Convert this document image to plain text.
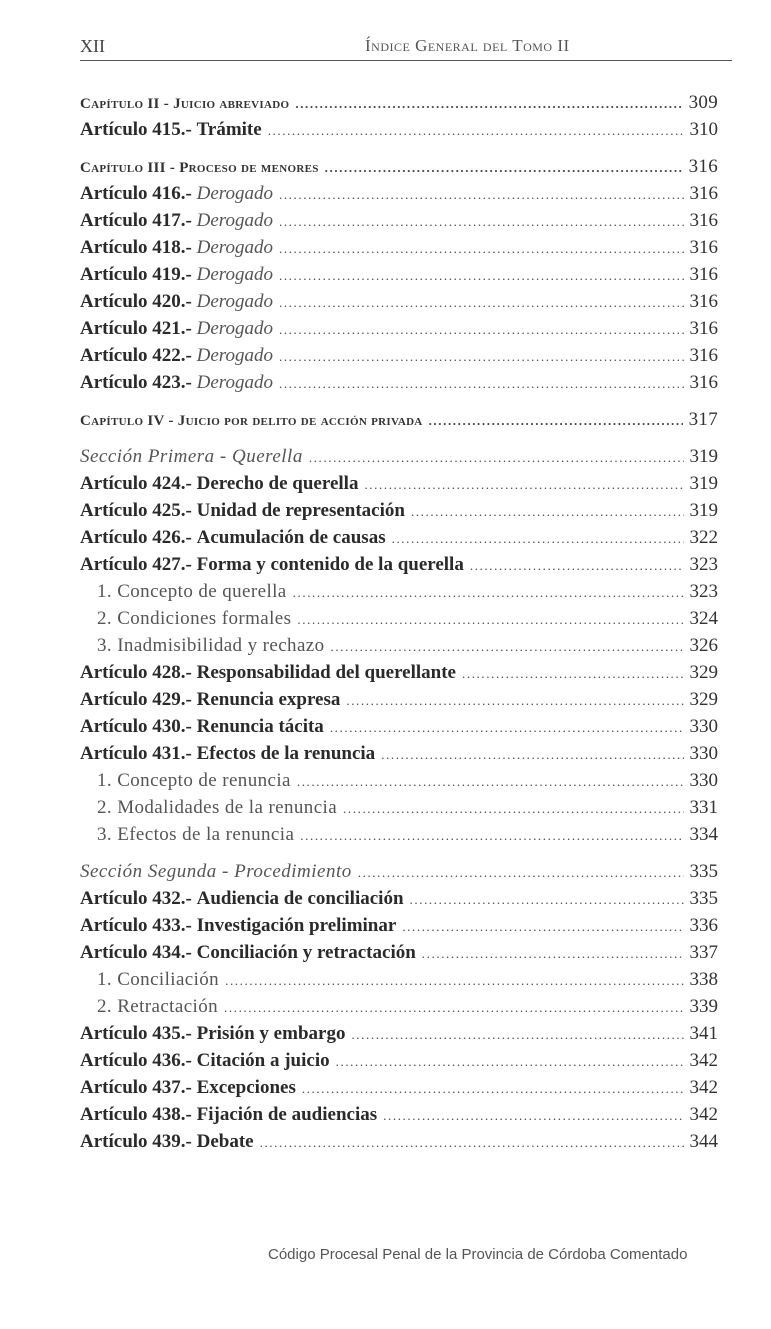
XII	Índice General del Tomo II
Capítulo II - Juicio abreviado .....	309
Artículo 415.- Trámite .....	310
Capítulo III - Proceso de menores .....	316
Artículo 416.- Derogado .....	316
Artículo 417.- Derogado .....	316
Artículo 418.- Derogado .....	316
Artículo 419.- Derogado .....	316
Artículo 420.- Derogado .....	316
Artículo 421.- Derogado .....	316
Artículo 422.- Derogado .....	316
Artículo 423.- Derogado .....	316
Capítulo IV - Juicio por delito de acción privada .....	317
Sección Primera - Querella .....	319
Artículo 424.- Derecho de querella .....	319
Artículo 425.- Unidad de representación .....	319
Artículo 426.- Acumulación de causas .....	322
Artículo 427.- Forma y contenido de la querella .....	323
1. Concepto de querella .....	323
2. Condiciones formales .....	324
3. Inadmisibilidad y rechazo .....	326
Artículo 428.- Responsabilidad del querellante .....	329
Artículo 429.- Renuncia expresa .....	329
Artículo 430.- Renuncia tácita .....	330
Artículo 431.- Efectos de la renuncia .....	330
1. Concepto de renuncia .....	330
2. Modalidades de la renuncia .....	331
3. Efectos de la renuncia .....	334
Sección Segunda - Procedimiento .....	335
Artículo 432.- Audiencia de conciliación .....	335
Artículo 433.- Investigación preliminar .....	336
Artículo 434.- Conciliación y retractación .....	337
1. Conciliación .....	338
2. Retractación .....	339
Artículo 435.- Prisión y embargo .....	341
Artículo 436.- Citación a juicio .....	342
Artículo 437.- Excepciones .....	342
Artículo 438.- Fijación de audiencias .....	342
Artículo 439.- Debate .....	344
Código Procesal Penal de la Provincia de Córdoba Comentado
